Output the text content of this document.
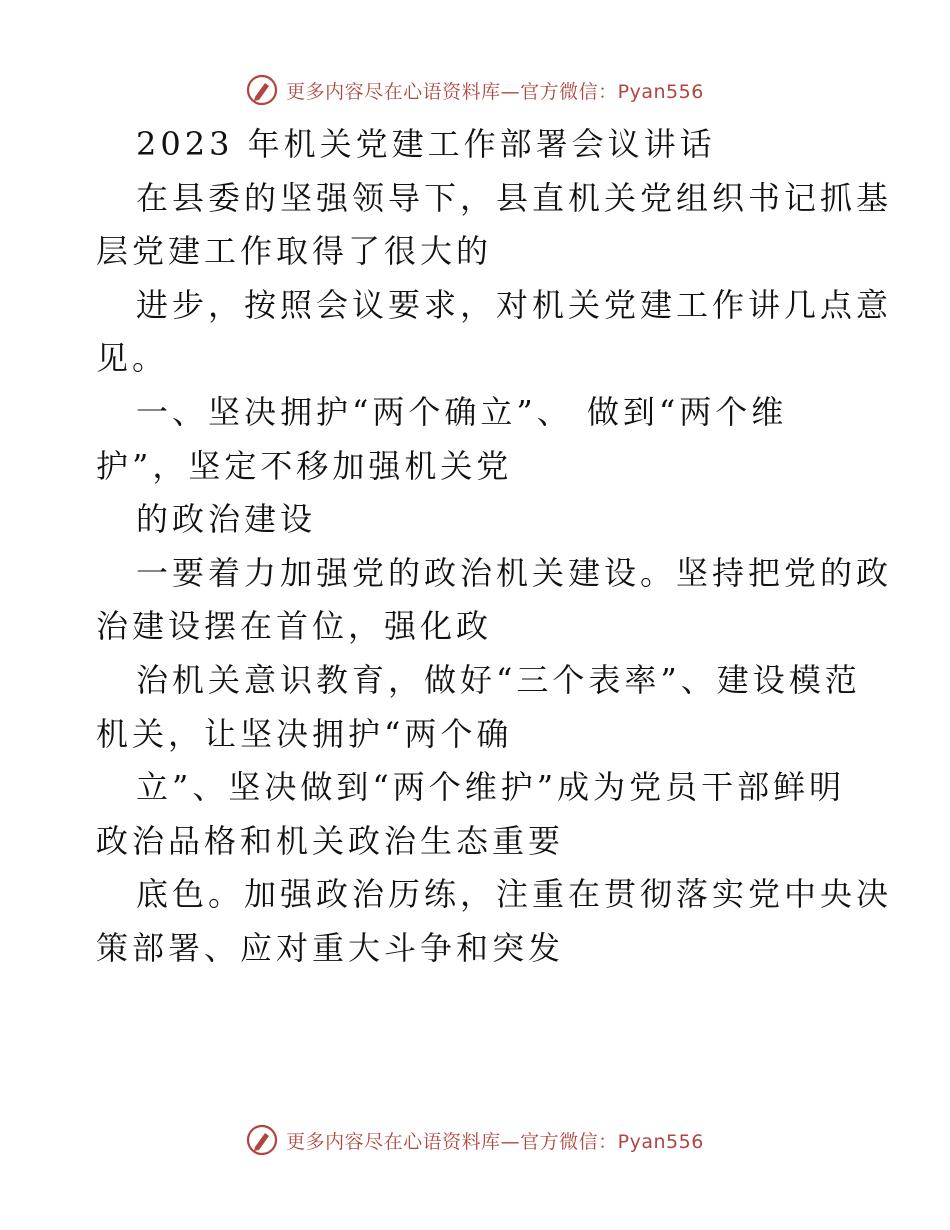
更多内容尽在心语资料库—官方微信：Pyan556
2023 年机关党建工作部署会议讲话
在县委的坚强领导下，县直机关党组织书记抓基
层党建工作取得了很大的
进步，按照会议要求，对机关党建工作讲几点意
见。
一、坚决拥护“两个确立”、 做到“两个维
护”，坚定不移加强机关党
的政治建设
一要着力加强党的政治机关建设。坚持把党的政
治建设摆在首位，强化政
治机关意识教育，做好“三个表率”、建设模范
机关，让坚决拥护“两个确
立”、坚决做到“两个维护”成为党员干部鲜明
政治品格和机关政治生态重要
底色。加强政治历练，注重在贯彻落实党中央决
策部署、应对重大斗争和突发
更多内容尽在心语资料库—官方微信：Pyan556
